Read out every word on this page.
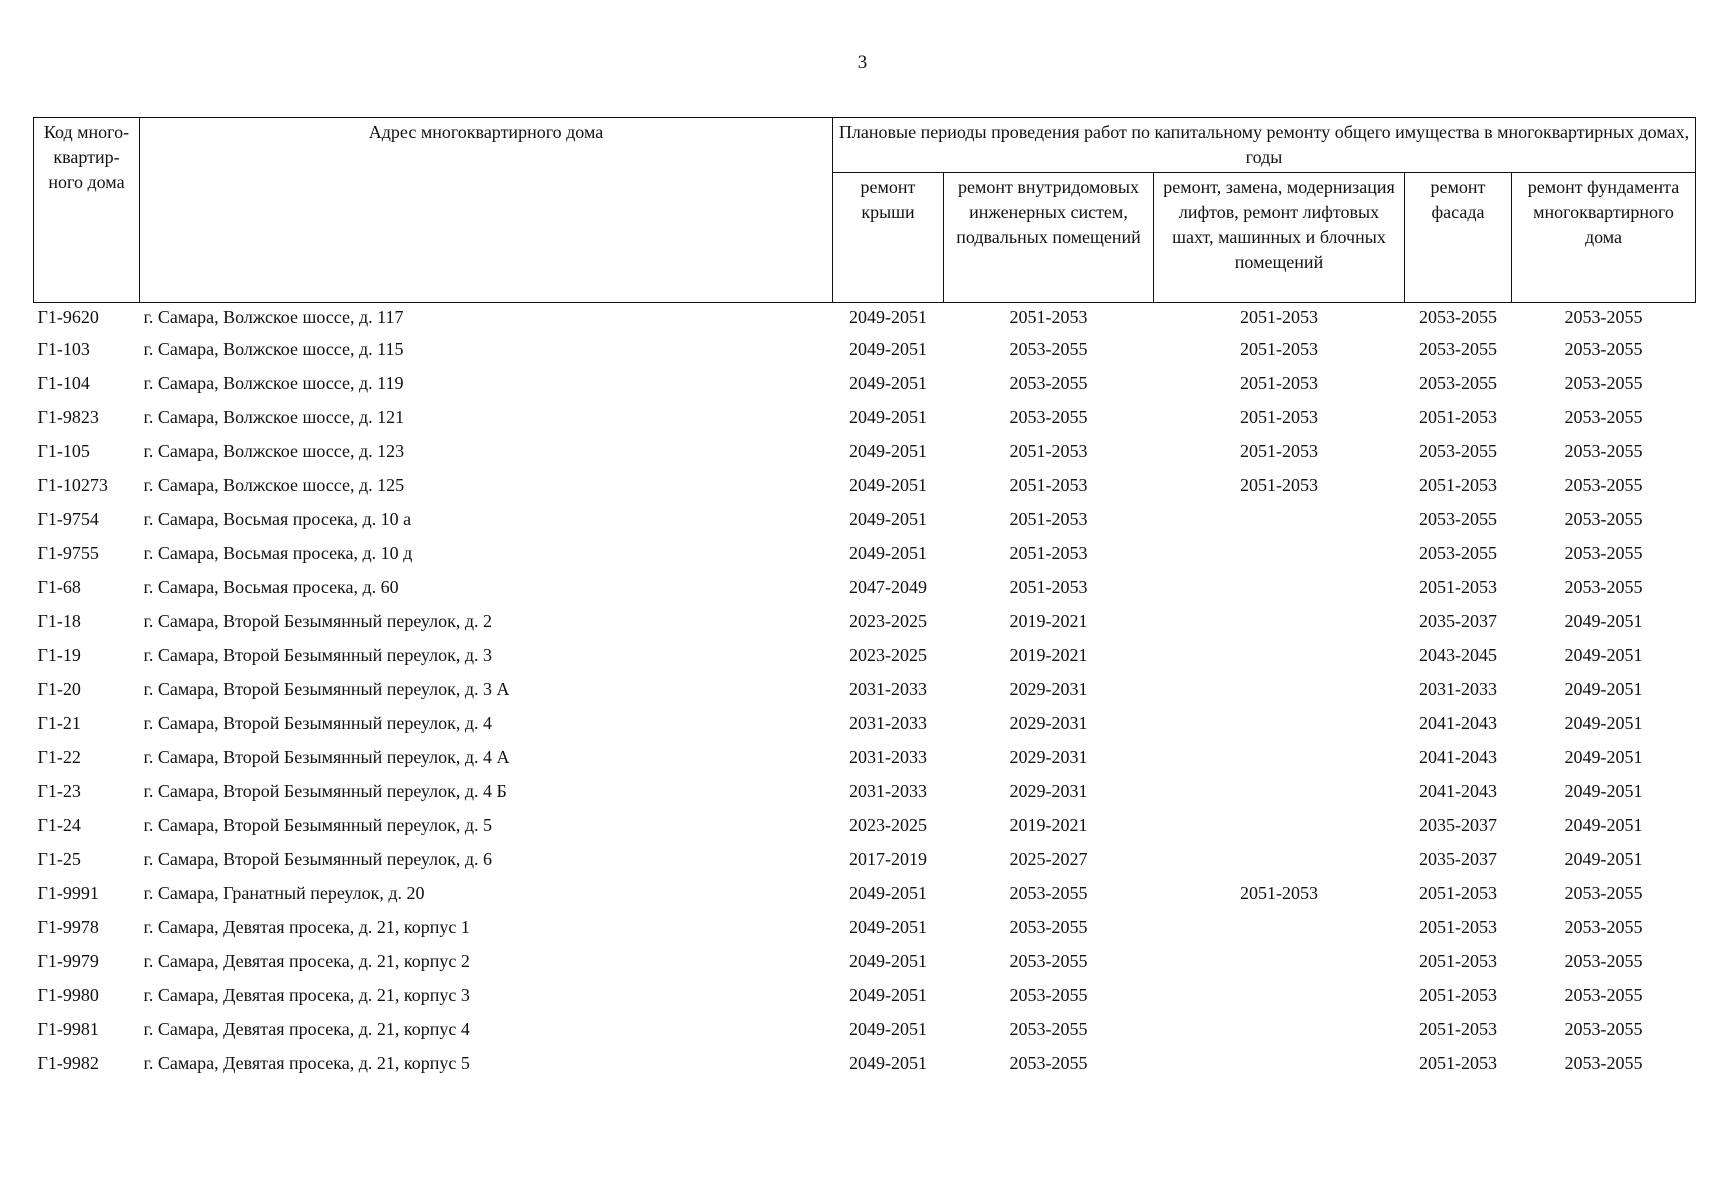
3
Код много-
квартир-
ного дома	Адрес многоквартирного дома	Плановые периоды проведения работ по капитальному ремонту общего имущества в многоквартирных домах, годы				
		ремонт крыши	ремонт внутридомовых инженерных систем, подвальных помещений	ремонт, замена, модернизация лифтов, ремонт лифтовых шахт, машинных и блочных помещений	ремонт фасада	ремонт фундамента многоквартирного дома
Г1-9620	г. Самара, Волжское шоссе, д. 117	2049-2051	2051-2053	2051-2053	2053-2055	2053-2055
Г1-103	г. Самара, Волжское шоссе, д. 115	2049-2051	2053-2055	2051-2053	2053-2055	2053-2055
Г1-104	г. Самара, Волжское шоссе, д. 119	2049-2051	2053-2055	2051-2053	2053-2055	2053-2055
Г1-9823	г. Самара, Волжское шоссе, д. 121	2049-2051	2053-2055	2051-2053	2051-2053	2053-2055
Г1-105	г. Самара, Волжское шоссе, д. 123	2049-2051	2051-2053	2051-2053	2053-2055	2053-2055
Г1-10273	г. Самара, Волжское шоссе, д. 125	2049-2051	2051-2053	2051-2053	2051-2053	2053-2055
Г1-9754	г. Самара, Восьмая просека, д. 10 а	2049-2051	2051-2053		2053-2055	2053-2055
Г1-9755	г. Самара, Восьмая просека, д. 10 д	2049-2051	2051-2053		2053-2055	2053-2055
Г1-68	г. Самара, Восьмая просека, д. 60	2047-2049	2051-2053		2051-2053	2053-2055
Г1-18	г. Самара, Второй Безымянный переулок, д. 2	2023-2025	2019-2021		2035-2037	2049-2051
Г1-19	г. Самара, Второй Безымянный переулок, д. 3	2023-2025	2019-2021		2043-2045	2049-2051
Г1-20	г. Самара, Второй Безымянный переулок, д. 3 А	2031-2033	2029-2031		2031-2033	2049-2051
Г1-21	г. Самара, Второй Безымянный переулок, д. 4	2031-2033	2029-2031		2041-2043	2049-2051
Г1-22	г. Самара, Второй Безымянный переулок, д. 4 А	2031-2033	2029-2031		2041-2043	2049-2051
Г1-23	г. Самара, Второй Безымянный переулок, д. 4 Б	2031-2033	2029-2031		2041-2043	2049-2051
Г1-24	г. Самара, Второй Безымянный переулок, д. 5	2023-2025	2019-2021		2035-2037	2049-2051
Г1-25	г. Самара, Второй Безымянный переулок, д. 6	2017-2019	2025-2027		2035-2037	2049-2051
Г1-9991	г. Самара, Гранатный переулок, д. 20	2049-2051	2053-2055	2051-2053	2051-2053	2053-2055
Г1-9978	г. Самара, Девятая просека, д. 21, корпус 1	2049-2051	2053-2055		2051-2053	2053-2055
Г1-9979	г. Самара, Девятая просека, д. 21, корпус 2	2049-2051	2053-2055		2051-2053	2053-2055
Г1-9980	г. Самара, Девятая просека, д. 21, корпус 3	2049-2051	2053-2055		2051-2053	2053-2055
Г1-9981	г. Самара, Девятая просека, д. 21, корпус 4	2049-2051	2053-2055		2051-2053	2053-2055
Г1-9982	г. Самара, Девятая просека, д. 21, корпус 5	2049-2051	2053-2055		2051-2053	2053-2055
